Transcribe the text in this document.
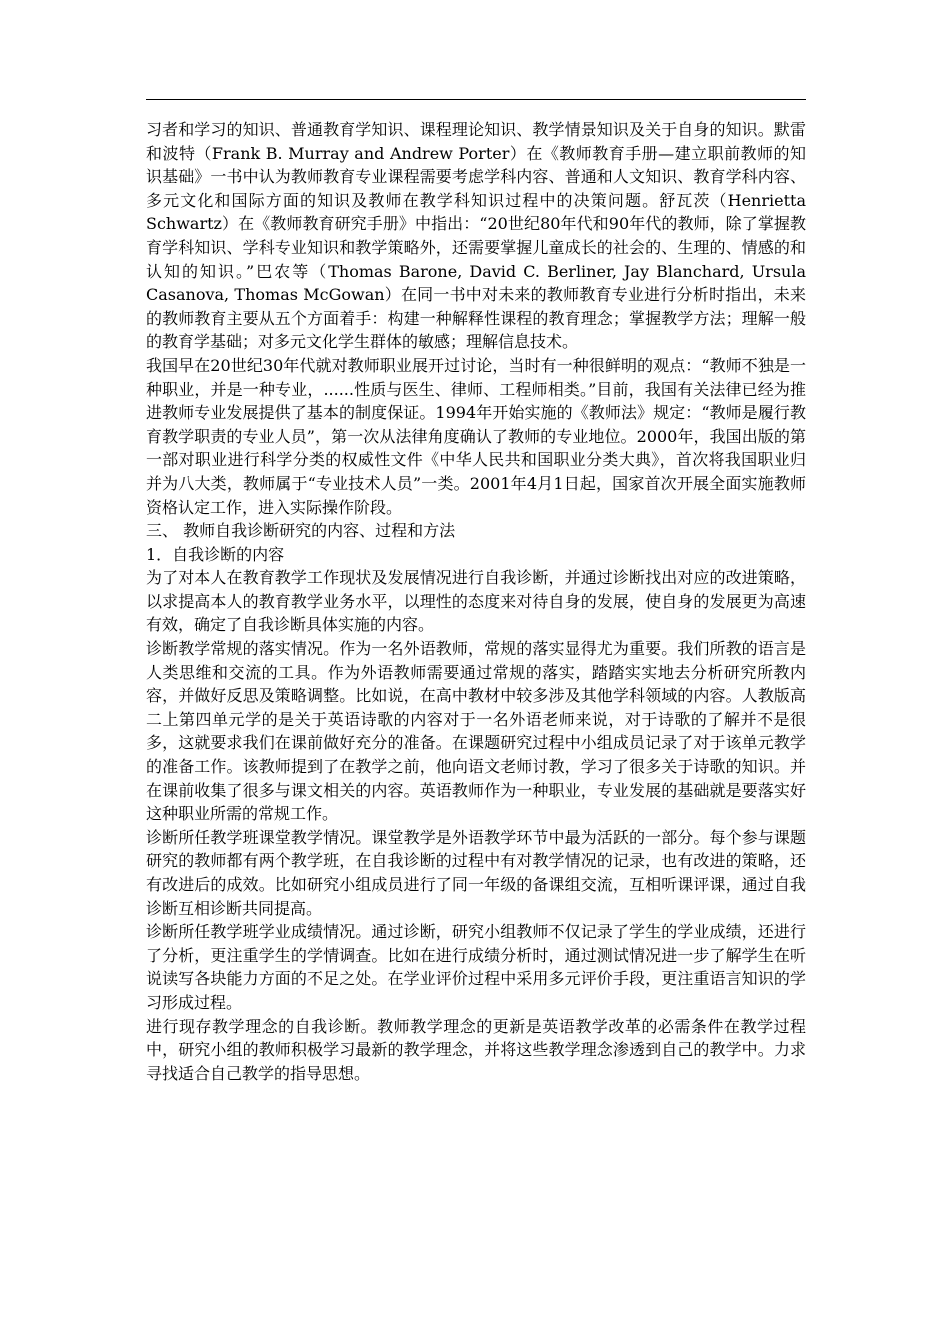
习者和学习的知识、普通教育学知识、课程理论知识、教学情景知识及关于自身的知识。默雷和波特（Frank B. Murray and Andrew Porter）在《教师教育手册—建立职前教师的知识基础》一书中认为教师教育专业课程需要考虑学科内容、普通和人文知识、教育学科内容、多元文化和国际方面的知识及教师在教学科知识过程中的决策问题。舒瓦茨（Henrietta Schwartz）在《教师教育研究手册》中指出：“20世纪80年代和90年代的教师，除了掌握教育学科知识、学科专业知识和教学策略外，还需要掌握儿童成长的社会的、生理的、情感的和认知的知识。”巴农等（Thomas Barone, David C. Berliner, Jay Blanchard, Ursula Casanova, Thomas McGowan）在同一书中对未来的教师教育专业进行分析时指出，未来的教师教育主要从五个方面着手：构建一种解释性课程的教育理念；掌握教学方法；理解一般的教育学基础；对多元文化学生群体的敏感；理解信息技术。

我国早在20世纪30年代就对教师职业展开过讨论，当时有一种很鲜明的观点：“教师不独是一种职业，并是一种专业，......性质与医生、律师、工程师相类。”目前，我国有关法律已经为推进教师专业发展提供了基本的制度保证。1994年开始实施的《教师法》规定：“教师是履行教育教学职责的专业人员”，第一次从法律角度确认了教师的专业地位。2000年，我国出版的第一部对职业进行科学分类的权威性文件《中华人民共和国职业分类大典》，首次将我国职业归并为八大类，教师属于“专业技术人员”一类。2001年4月1日起，国家首次开展全面实施教师资格认定工作，进入实际操作阶段。

三、 教师自我诊断研究的内容、过程和方法

1．自我诊断的内容

为了对本人在教育教学工作现状及发展情况进行自我诊断，并通过诊断找出对应的改进策略，以求提高本人的教育教学业务水平，以理性的态度来对待自身的发展，使自身的发展更为高速有效，确定了自我诊断具体实施的内容。

诊断教学常规的落实情况。作为一名外语教师，常规的落实显得尤为重要。我们所教的语言是人类思维和交流的工具。作为外语教师需要通过常规的落实，踏踏实实地去分析研究所教内容，并做好反思及策略调整。比如说，在高中教材中较多涉及其他学科领域的内容。人教版高二上第四单元学的是关于英语诗歌的内容对于一名外语老师来说，对于诗歌的了解并不是很多，这就要求我们在课前做好充分的准备。在课题研究过程中小组成员记录了对于该单元教学的准备工作。该教师提到了在教学之前，他向语文老师讨教，学习了很多关于诗歌的知识。并在课前收集了很多与课文相关的内容。英语教师作为一种职业，专业发展的基础就是要落实好这种职业所需的常规工作。

诊断所任教学班课堂教学情况。课堂教学是外语教学环节中最为活跃的一部分。每个参与课题研究的教师都有两个教学班，在自我诊断的过程中有对教学情况的记录，也有改进的策略，还有改进后的成效。比如研究小组成员进行了同一年级的备课组交流，互相听课评课，通过自我诊断互相诊断共同提高。

诊断所任教学班学业成绩情况。通过诊断，研究小组教师不仅记录了学生的学业成绩，还进行了分析，更注重学生的学情调查。比如在进行成绩分析时，通过测试情况进一步了解学生在听说读写各块能力方面的不足之处。在学业评价过程中采用多元评价手段，更注重语言知识的学习形成过程。

进行现存教学理念的自我诊断。教师教学理念的更新是英语教学改革的必需条件在教学过程中，研究小组的教师积极学习最新的教学理念，并将这些教学理念渗透到自己的教学中。力求寻找适合自己教学的指导思想。
